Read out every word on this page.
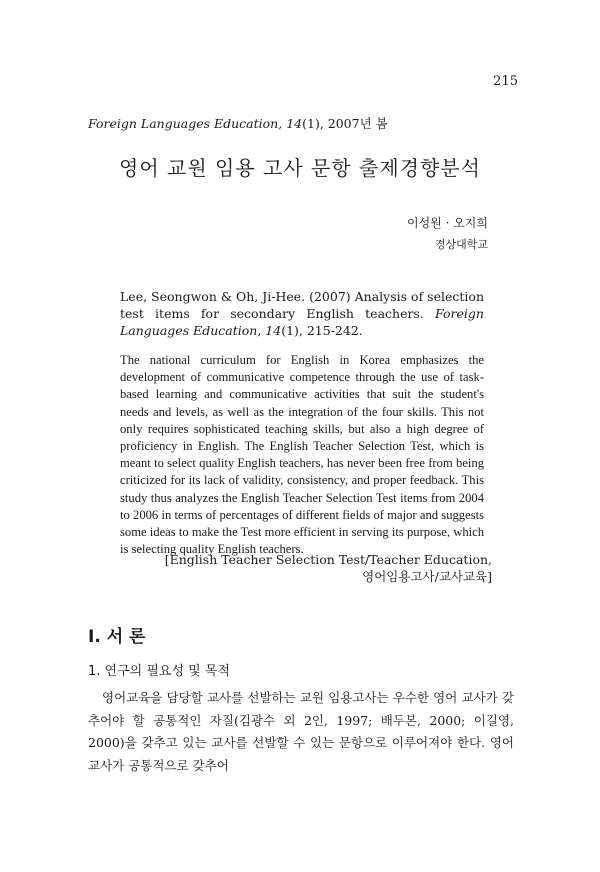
215
Foreign Languages Education, 14(1), 2007년 봄
영어 교원 임용 고사 문항 출제경향분석
이성원 · 오지희
경상대학교
Lee, Seongwon & Oh, Ji-Hee. (2007) Analysis of selection test items for secondary English teachers. Foreign Languages Education, 14(1), 215-242.
The national curriculum for English in Korea emphasizes the development of communicative competence through the use of task-based learning and communicative activities that suit the student's needs and levels, as well as the integration of the four skills. This not only requires sophisticated teaching skills, but also a high degree of proficiency in English. The English Teacher Selection Test, which is meant to select quality English teachers, has never been free from being criticized for its lack of validity, consistency, and proper feedback. This study thus analyzes the English Teacher Selection Test items from 2004 to 2006 in terms of percentages of different fields of major and suggests some ideas to make the Test more efficient in serving its purpose, which is selecting quality English teachers.
[English Teacher Selection Test/Teacher Education,
영어임용고사/교사교육]
Ⅰ. 서 론
1. 연구의 필요성 및 목적
영어교육을 담당할 교사를 선발하는 교원 임용고사는 우수한 영어 교사가 갖추어야 할 공통적인 자질(김광수 외 2인, 1997; 배두본, 2000; 이길영, 2000)을 갖추고 있는 교사를 선발할 수 있는 문항으로 이루어져야 한다. 영어교사가 공통적으로 갖추어
